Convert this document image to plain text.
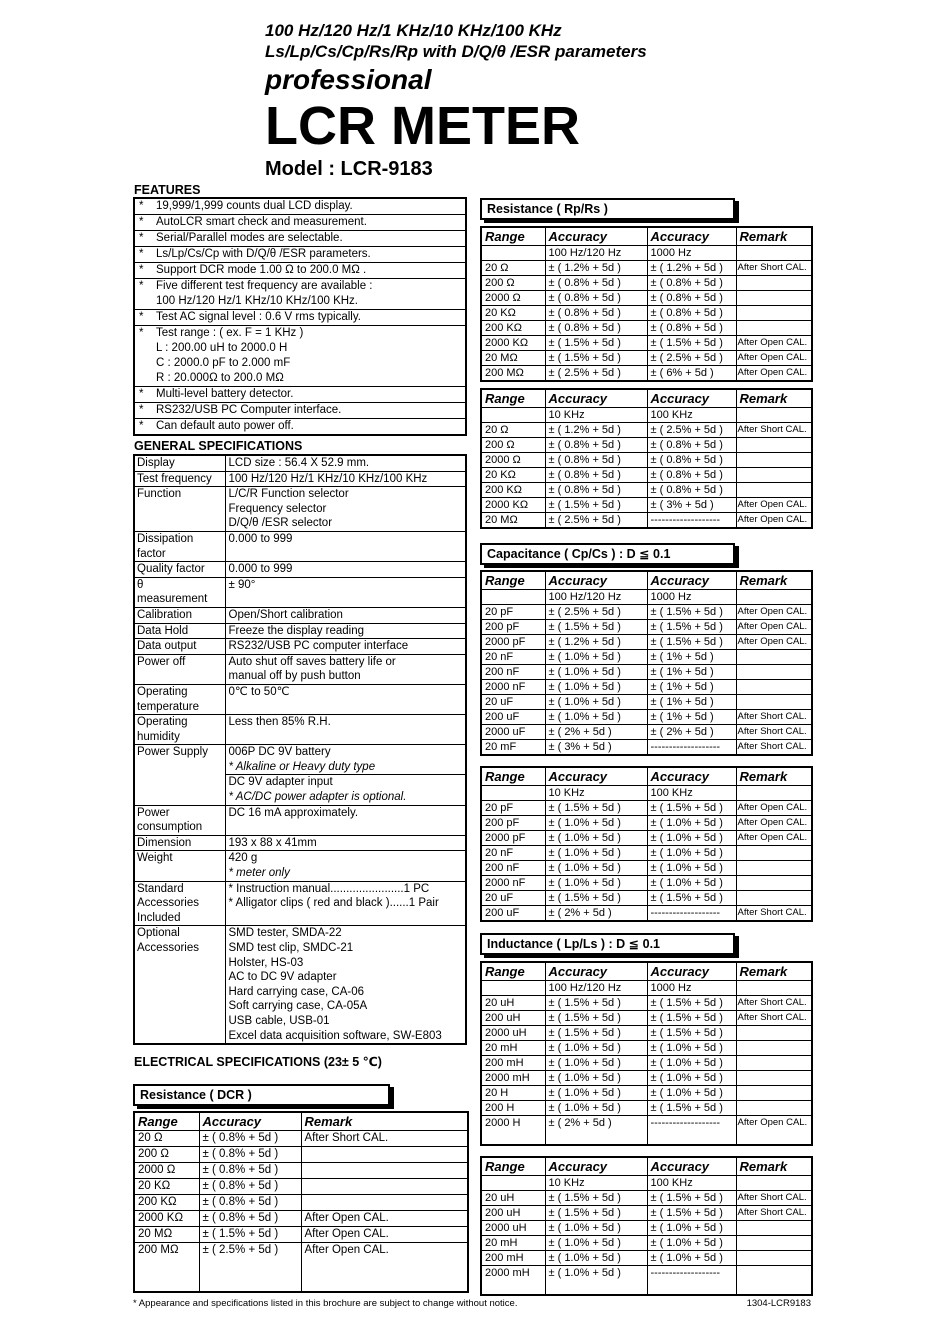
100 Hz/120 Hz/1 KHz/10 KHz/100 KHz
Ls/Lp/Cs/Cp/Rs/Rp with D/Q/θ /ESR parameters
professional
LCR METER
Model : LCR-9183
FEATURES
*	19,999/1,999 counts dual LCD display.
*	AutoLCR smart check and measurement.
*	Serial/Parallel modes are selectable.
*	Ls/Lp/Cs/Cp with D/Q/θ /ESR parameters.
*	Support DCR mode 1.00 Ω to 200.0 MΩ .
*	Five different test frequency are available :
100 Hz/120 Hz/1 KHz/10 KHz/100 KHz.
*	Test AC signal level : 0.6 V rms typically.
*	Test range : ( ex. F = 1 KHz )
L : 200.00 uH to 2000.0 H
C : 2000.0 pF to 2.000 mF
R : 20.000Ω to 200.0 MΩ
*	Multi-level battery detector.
*	RS232/USB PC Computer interface.
*	Can default auto power off.
GENERAL SPECIFICATIONS
Display	LCD size : 56.4 X 52.9 mm.

Test frequency	100 Hz/120 Hz/1 KHz/10 KHz/100 KHz

Function	L/C/R Function selector
Frequency selector
D/Q/θ /ESR selector

Dissipation
factor	0.000 to 999

Quality factor	0.000 to 999

θ
measurement	± 90°

Calibration	Open/Short calibration

Data Hold	Freeze the display reading

Data output	RS232/USB PC computer interface

Power off	Auto shut off saves battery life or
manual off by push button

Operating
temperature	0℃ to 50℃

Operating
humidity	Less then 85% R.H.

Power Supply	006P DC 9V battery
* Alkaline or Heavy duty type
DC 9V adapter input
* AC/DC power adapter is optional.

Power
consumption	DC 16 mA approximately.

Dimension	193 x 88 x 41mm

Weight	420 g
* meter only

Standard
Accessories
Included

* Instruction manual.......................1 PC
* Alligator clips ( red and black )......1 Pair

Optional
Accessories

SMD tester, SMDA-22
SMD test clip, SMDC-21
Holster, HS-03
AC to DC 9V adapter
Hard carrying case, CA-06
Soft carrying case, CA-05A
USB cable, USB-01
Excel data acquisition software, SW-E803
ELECTRICAL SPECIFICATIONS (23± 5 ℃)
Resistance ( DCR )
Range	Accuracy	Remark
20 Ω	± ( 0.8% + 5d )	After Short CAL.
200 Ω	± ( 0.8% + 5d )	
2000 Ω	± ( 0.8% + 5d )	
20 KΩ	± ( 0.8% + 5d )	
200 KΩ	± ( 0.8% + 5d )	
2000 KΩ	± ( 0.8% + 5d )	After Open CAL.
20 MΩ	± ( 1.5% + 5d )	After Open CAL.
200 MΩ	± ( 2.5% + 5d )	After Open CAL.
Resistance ( Rp/Rs )
Range	Accuracy	Accuracy	Remark
	100 Hz/120 Hz	1000 Hz	
20 Ω	± ( 1.2% + 5d )	± ( 1.2% + 5d )	After Short CAL.
200 Ω	± ( 0.8% + 5d )	± ( 0.8% + 5d )	
2000 Ω	± ( 0.8% + 5d )	± ( 0.8% + 5d )	
20 KΩ	± ( 0.8% + 5d )	± ( 0.8% + 5d )	
200 KΩ	± ( 0.8% + 5d )	± ( 0.8% + 5d )	
2000 KΩ	± ( 1.5% + 5d )	± ( 1.5% + 5d )	After Open CAL.
20 MΩ	± ( 1.5% + 5d )	± ( 2.5% + 5d )	After Open CAL.
200 MΩ	± ( 2.5% + 5d )	± ( 6% + 5d )	After Open CAL.
Range	Accuracy	Accuracy	Remark
	10 KHz	100 KHz	
20 Ω	± ( 1.2% + 5d )	± ( 2.5% + 5d )	After Short CAL.
200 Ω	± ( 0.8% + 5d )	± ( 0.8% + 5d )	
2000 Ω	± ( 0.8% + 5d )	± ( 0.8% + 5d )	
20 KΩ	± ( 0.8% + 5d )	± ( 0.8% + 5d )	
200 KΩ	± ( 0.8% + 5d )	± ( 0.8% + 5d )	
2000 KΩ	± ( 1.5% + 5d )	± ( 3% + 5d )	After Open CAL.
20 MΩ	± ( 2.5% + 5d )	-------------------	After Open CAL.
Capacitance ( Cp/Cs ) : D ≦ 0.1
Range	Accuracy	Accuracy	Remark
	100 Hz/120 Hz	1000 Hz	
20 pF	± ( 2.5% + 5d )	± ( 1.5% + 5d )	After Open CAL.
200 pF	± ( 1.5% + 5d )	± ( 1.5% + 5d )	After Open CAL.
2000 pF	± ( 1.2% + 5d )	± ( 1.5% + 5d )	After Open CAL.
20 nF	± ( 1.0% + 5d )	± ( 1% + 5d )	
200 nF	± ( 1.0% + 5d )	± ( 1% + 5d )	
2000 nF	± ( 1.0% + 5d )	± ( 1% + 5d )	
20 uF	± ( 1.0% + 5d )	± ( 1% + 5d )	
200 uF	± ( 1.0% + 5d )	± ( 1% + 5d )	After Short CAL.
2000 uF	± ( 2% + 5d )	± ( 2% + 5d )	After Short CAL.
20 mF	± ( 3% + 5d )	-------------------	After Short CAL.
Range	Accuracy	Accuracy	Remark
	10 KHz	100 KHz	
20 pF	± ( 1.5% + 5d )	± ( 1.5% + 5d )	After Open CAL.
200 pF	± ( 1.0% + 5d )	± ( 1.0% + 5d )	After Open CAL.
2000 pF	± ( 1.0% + 5d )	± ( 1.0% + 5d )	After Open CAL.
20 nF	± ( 1.0% + 5d )	± ( 1.0% + 5d )	
200 nF	± ( 1.0% + 5d )	± ( 1.0% + 5d )	
2000 nF	± ( 1.0% + 5d )	± ( 1.0% + 5d )	
20 uF	± ( 1.5% + 5d )	± ( 1.5% + 5d )	
200 uF	± ( 2% + 5d )	-------------------	After Short CAL.
Inductance ( Lp/Ls ) : D ≦ 0.1
Range	Accuracy	Accuracy	Remark
	100 Hz/120 Hz	1000 Hz	
20 uH	± ( 1.5% + 5d )	± ( 1.5% + 5d )	After Short CAL.
200 uH	± ( 1.5% + 5d )	± ( 1.5% + 5d )	After Short CAL.
2000 uH	± ( 1.5% + 5d )	± ( 1.5% + 5d )	
20 mH	± ( 1.0% + 5d )	± ( 1.0% + 5d )	
200 mH	± ( 1.0% + 5d )	± ( 1.0% + 5d )	
2000 mH	± ( 1.0% + 5d )	± ( 1.0% + 5d )	
20 H	± ( 1.0% + 5d )	± ( 1.0% + 5d )	
200 H	± ( 1.0% + 5d )	± ( 1.5% + 5d )	
2000 H	± ( 2% + 5d )	-------------------	After Open CAL.
Range	Accuracy	Accuracy	Remark
	10 KHz	100 KHz	
20 uH	± ( 1.5% + 5d )	± ( 1.5% + 5d )	After Short CAL.
200 uH	± ( 1.5% + 5d )	± ( 1.5% + 5d )	After Short CAL.
2000 uH	± ( 1.0% + 5d )	± ( 1.0% + 5d )	
20 mH	± ( 1.0% + 5d )	± ( 1.0% + 5d )	
200 mH	± ( 1.0% + 5d )	± ( 1.0% + 5d )	
2000 mH	± ( 1.0% + 5d )	-------------------	
* Appearance and specifications listed in this brochure are subject to change without notice.	1304-LCR9183
